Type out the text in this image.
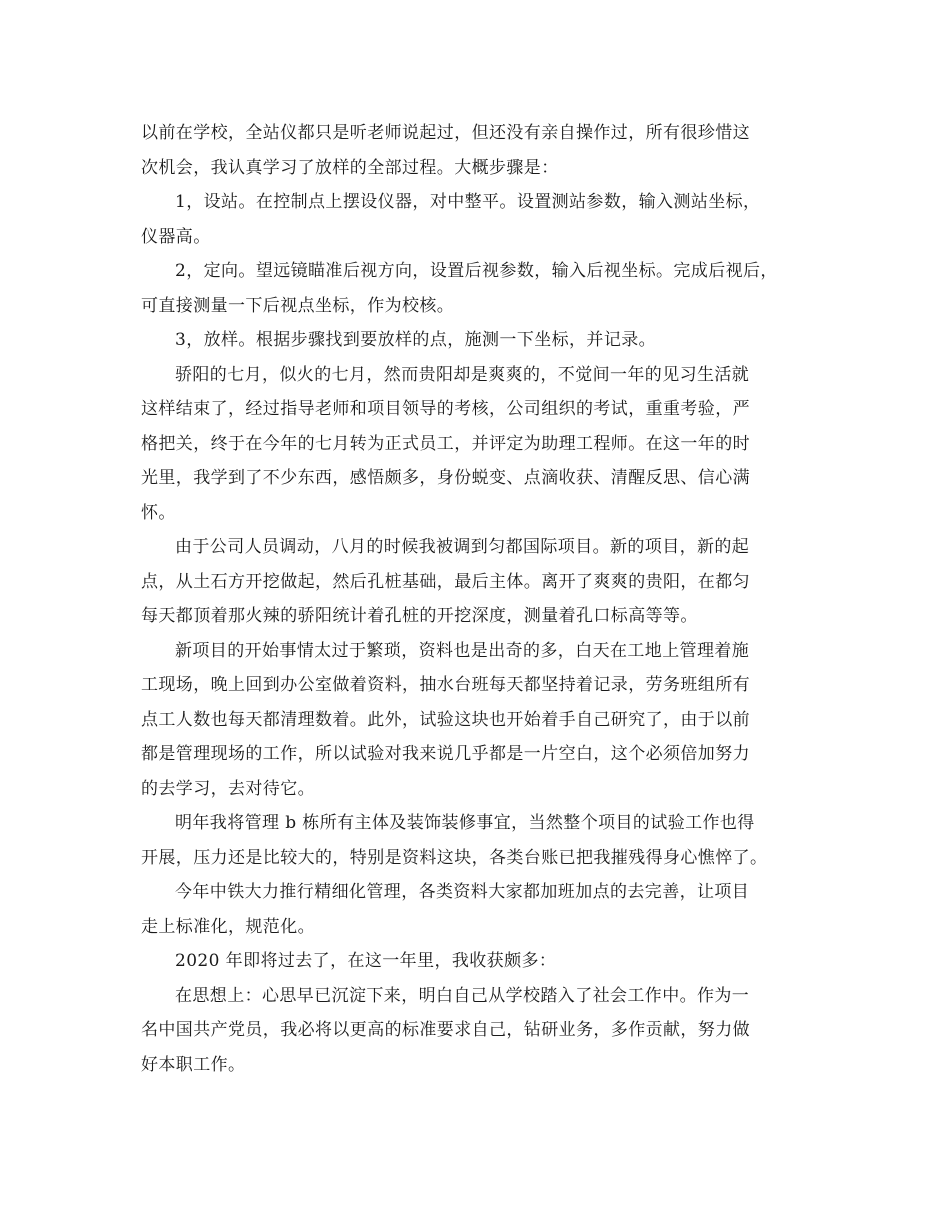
以前在学校，全站仪都只是听老师说起过，但还没有亲自操作过，所有很珍惜这
次机会，我认真学习了放样的全部过程。大概步骤是：
1，设站。在控制点上摆设仪器，对中整平。设置测站参数，输入测站坐标，
仪器高。
2，定向。望远镜瞄准后视方向，设置后视参数，输入后视坐标。完成后视后，
可直接测量一下后视点坐标，作为校核。
3，放样。根据步骤找到要放样的点，施测一下坐标，并记录。
骄阳的七月，似火的七月，然而贵阳却是爽爽的，不觉间一年的见习生活就
这样结束了，经过指导老师和项目领导的考核，公司组织的考试，重重考验，严
格把关，终于在今年的七月转为正式员工，并评定为助理工程师。在这一年的时
光里，我学到了不少东西，感悟颇多，身份蜕变、点滴收获、清醒反思、信心满
怀。
由于公司人员调动，八月的时候我被调到匀都国际项目。新的项目，新的起
点，从土石方开挖做起，然后孔桩基础，最后主体。离开了爽爽的贵阳，在都匀
每天都顶着那火辣的骄阳统计着孔桩的开挖深度，测量着孔口标高等等。
新项目的开始事情太过于繁琐，资料也是出奇的多，白天在工地上管理着施
工现场，晚上回到办公室做着资料，抽水台班每天都坚持着记录，劳务班组所有
点工人数也每天都清理数着。此外，试验这块也开始着手自己研究了，由于以前
都是管理现场的工作，所以试验对我来说几乎都是一片空白，这个必须倍加努力
的去学习，去对待它。
明年我将管理 b 栋所有主体及装饰装修事宜，当然整个项目的试验工作也得
开展，压力还是比较大的，特别是资料这块，各类台账已把我摧残得身心憔悴了。
今年中铁大力推行精细化管理，各类资料大家都加班加点的去完善，让项目
走上标准化，规范化。
2020 年即将过去了，在这一年里，我收获颇多：
在思想上：心思早已沉淀下来，明白自己从学校踏入了社会工作中。作为一
名中国共产党员，我必将以更高的标准要求自己，钻研业务，多作贡献，努力做
好本职工作。
